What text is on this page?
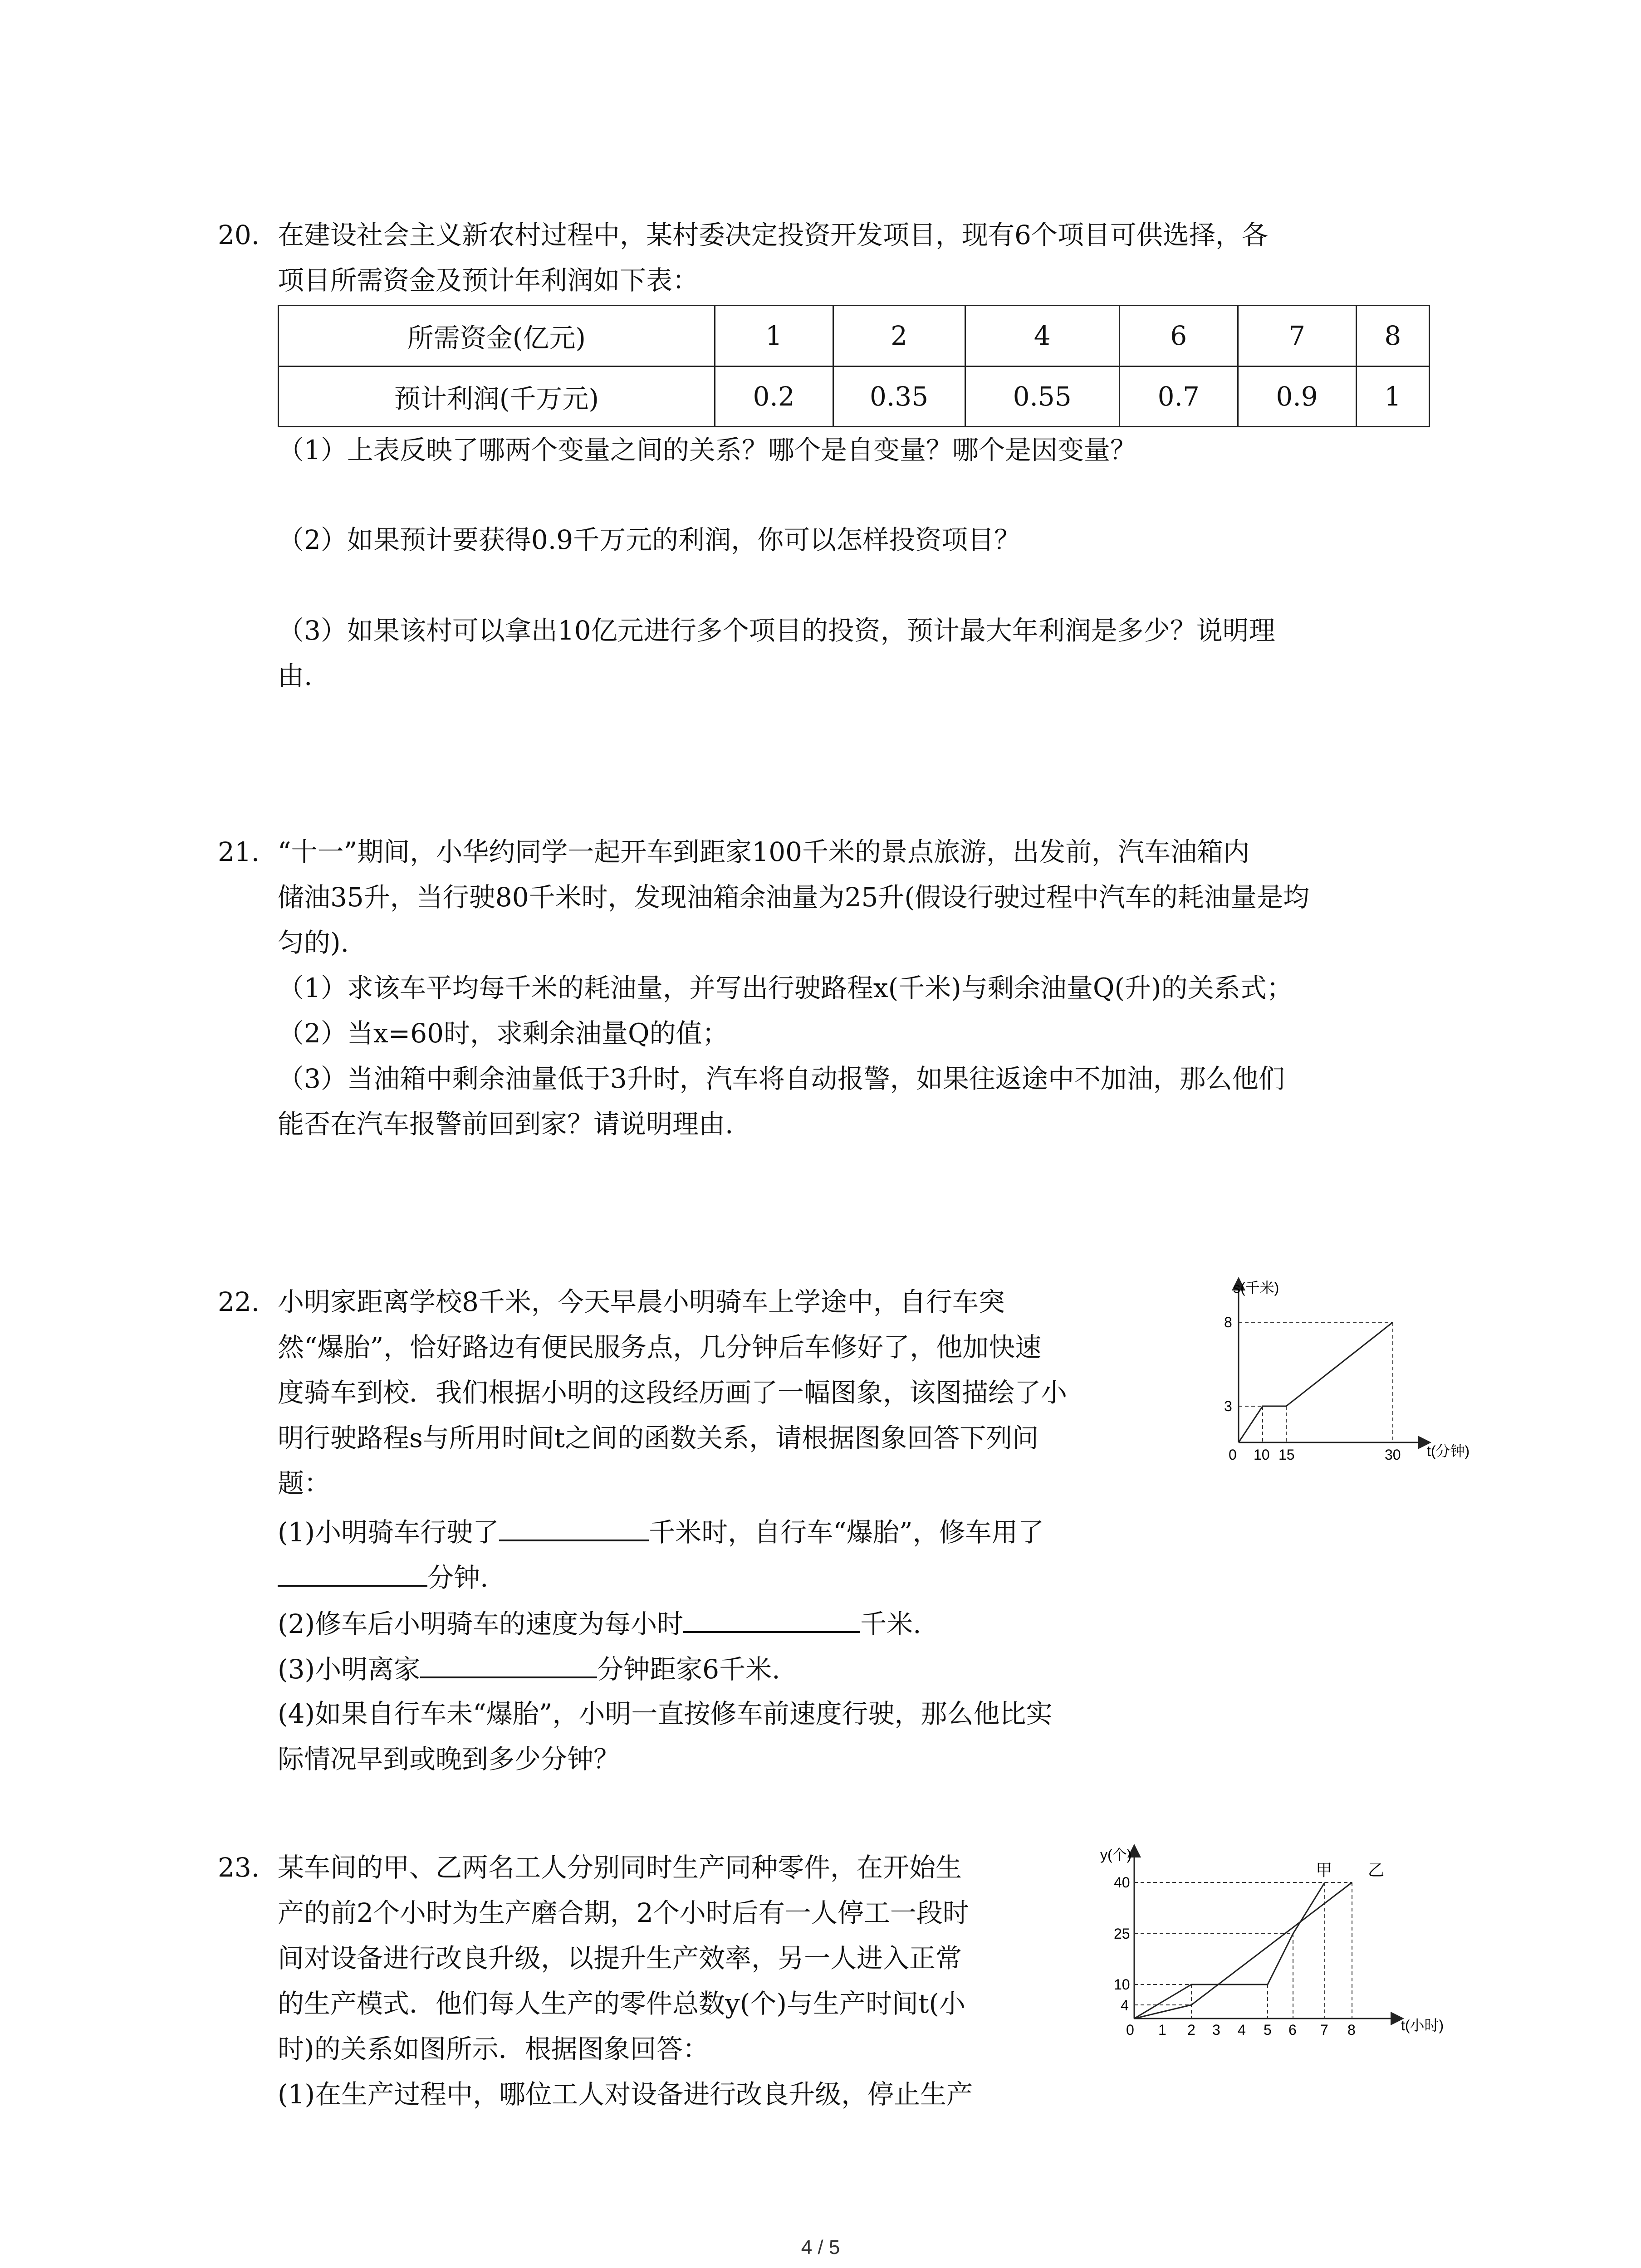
20. 在建设社会主义新农村过程中，某村委决定投资开发项目，现有6个项目可供选择，各
项目所需资金及预计年利润如下表：
所需资金(亿元)	1	2	4	6	7	8
预计利润(千万元)	0.2	0.35	0.55	0.7	0.9	1
（1）上表反映了哪两个变量之间的关系？哪个是自变量？哪个是因变量？
（2）如果预计要获得0.9千万元的利润，你可以怎样投资项目？
（3）如果该村可以拿出10亿元进行多个项目的投资，预计最大年利润是多少？说明理
由.
21. “十一”期间，小华约同学一起开车到距家100千米的景点旅游，出发前，汽车油箱内
储油35升，当行驶80千米时，发现油箱余油量为25升(假设行驶过程中汽车的耗油量是均
匀的).
（1）求该车平均每千米的耗油量，并写出行驶路程x(千米)与剩余油量Q(升)的关系式；
（2）当x=60时，求剩余油量Q的值；
（3）当油箱中剩余油量低于3升时，汽车将自动报警，如果往返途中不加油，那么他们
能否在汽车报警前回到家？请说明理由.
22. 小明家距离学校8千米，今天早晨小明骑车上学途中，自行车突
然“爆胎”，恰好路边有便民服务点，几分钟后车修好了，他加快速
度骑车到校．我们根据小明的这段经历画了一幅图象，该图描绘了小
明行驶路程s与所用时间t之间的函数关系，请根据图象回答下列问
题：
(1)小明骑车行驶了	千米时，自行车“爆胎”，修车用了
分钟.
(2)修车后小明骑车的速度为每小时	千米.
(3)小明离家	分钟距家6千米.
(4)如果自行车未“爆胎”，小明一直按修车前速度行驶，那么他比实
际情况早到或晚到多少分钟？
s(千米)
t(分钟)
8
3
0 10 15	30
23. 某车间的甲、乙两名工人分别同时生产同种零件，在开始生
产的前2个小时为生产磨合期，2个小时后有一人停工一段时
间对设备进行改良升级，以提升生产效率，另一人进入正常
的生产模式．他们每人生产的零件总数y(个)与生产时间t(小
时)的关系如图所示．根据图象回答：
(1)在生产过程中，哪位工人对设备进行改良升级，停止生产
y(个)
t(小时)
甲 乙
40
25
10
4
0 1 2 3 4 5 6 7 8
4 / 5
